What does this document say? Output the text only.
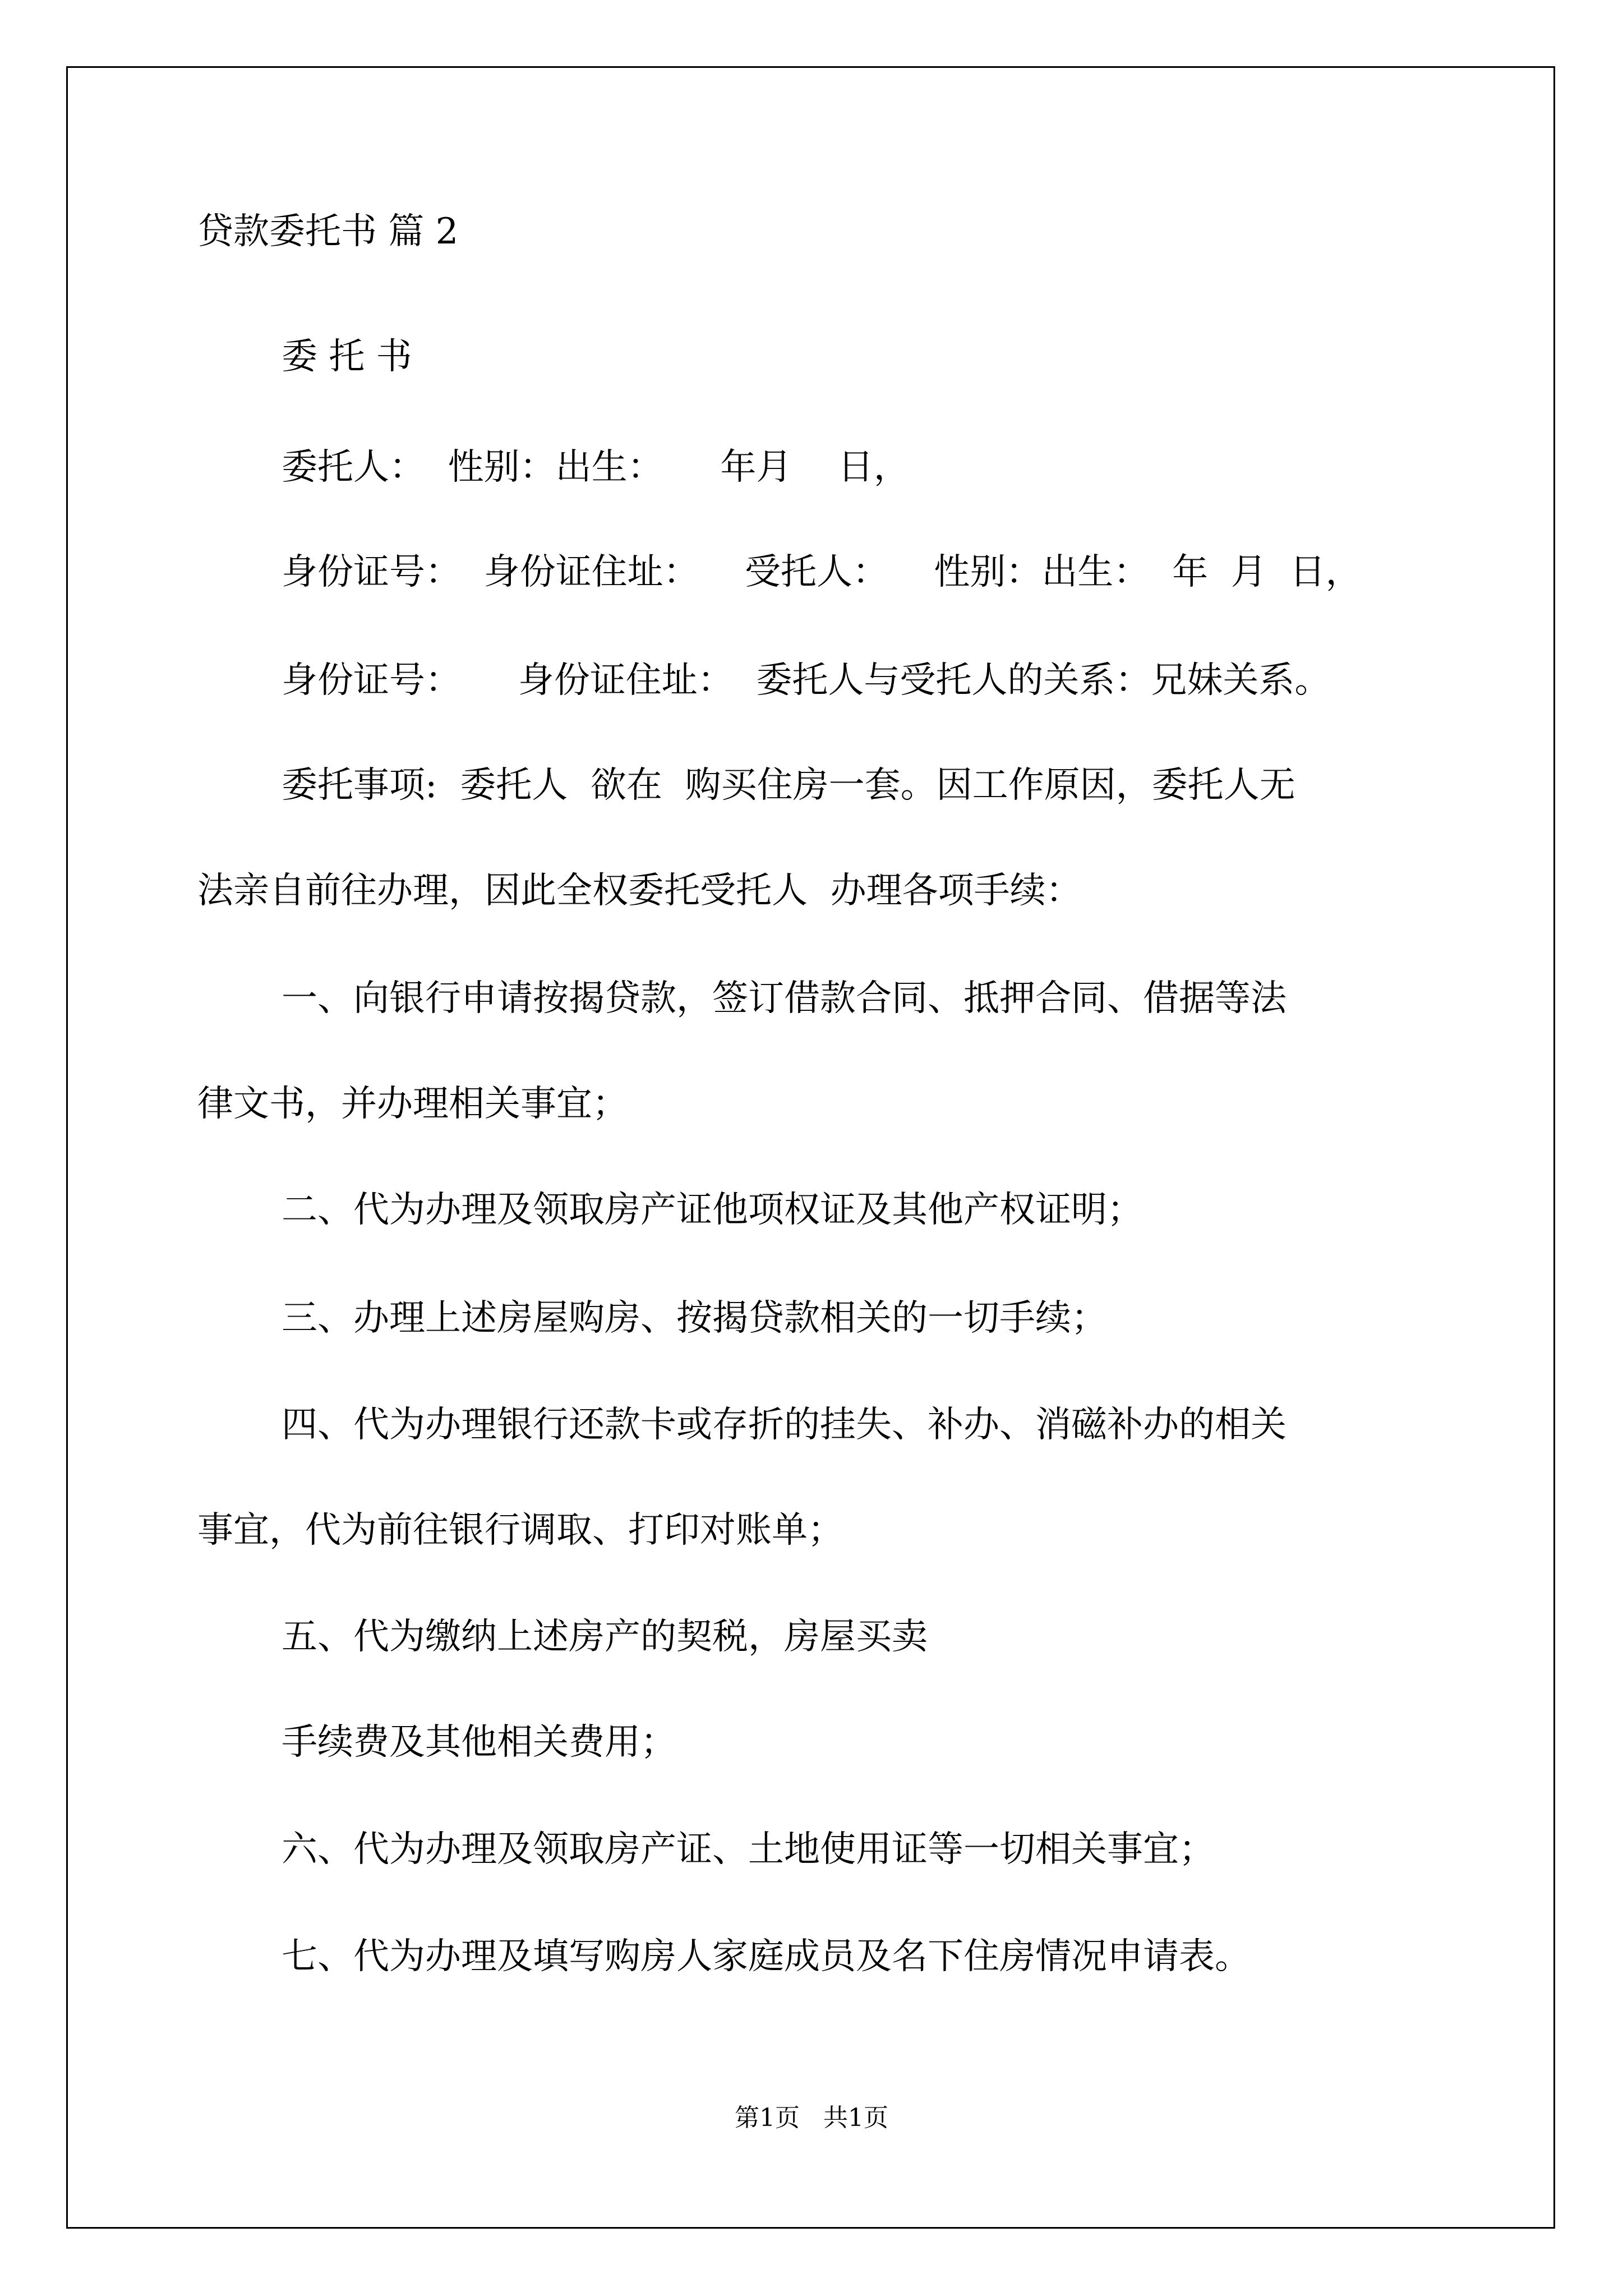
贷款委托书 篇 2

委 托 书

委托人：  性别：出生：     年月    日，

身份证号：  身份证住址：    受托人：    性别：出生：  年  月  日，

身份证号：     身份证住址：  委托人与受托人的关系：兄妹关系。

委托事项:  委托人  欲在  购买住房一套。因工作原因，委托人无

法亲自前往办理，因此全权委托受托人  办理各项手续：

一、向银行申请按揭贷款，签订借款合同、抵押合同、借据等法

律文书，并办理相关事宜；

二、代为办理及领取房产证他项权证及其他产权证明；

三、办理上述房屋购房、按揭贷款相关的一切手续；

四、代为办理银行还款卡或存折的挂失、补办、消磁补办的相关

事宜，代为前往银行调取、打印对账单；

五、代为缴纳上述房产的契税，房屋买卖

手续费及其他相关费用；

六、代为办理及领取房产证、土地使用证等一切相关事宜；

七、代为办理及填写购房人家庭成员及名下住房情况申请表。

第1页   共1页
